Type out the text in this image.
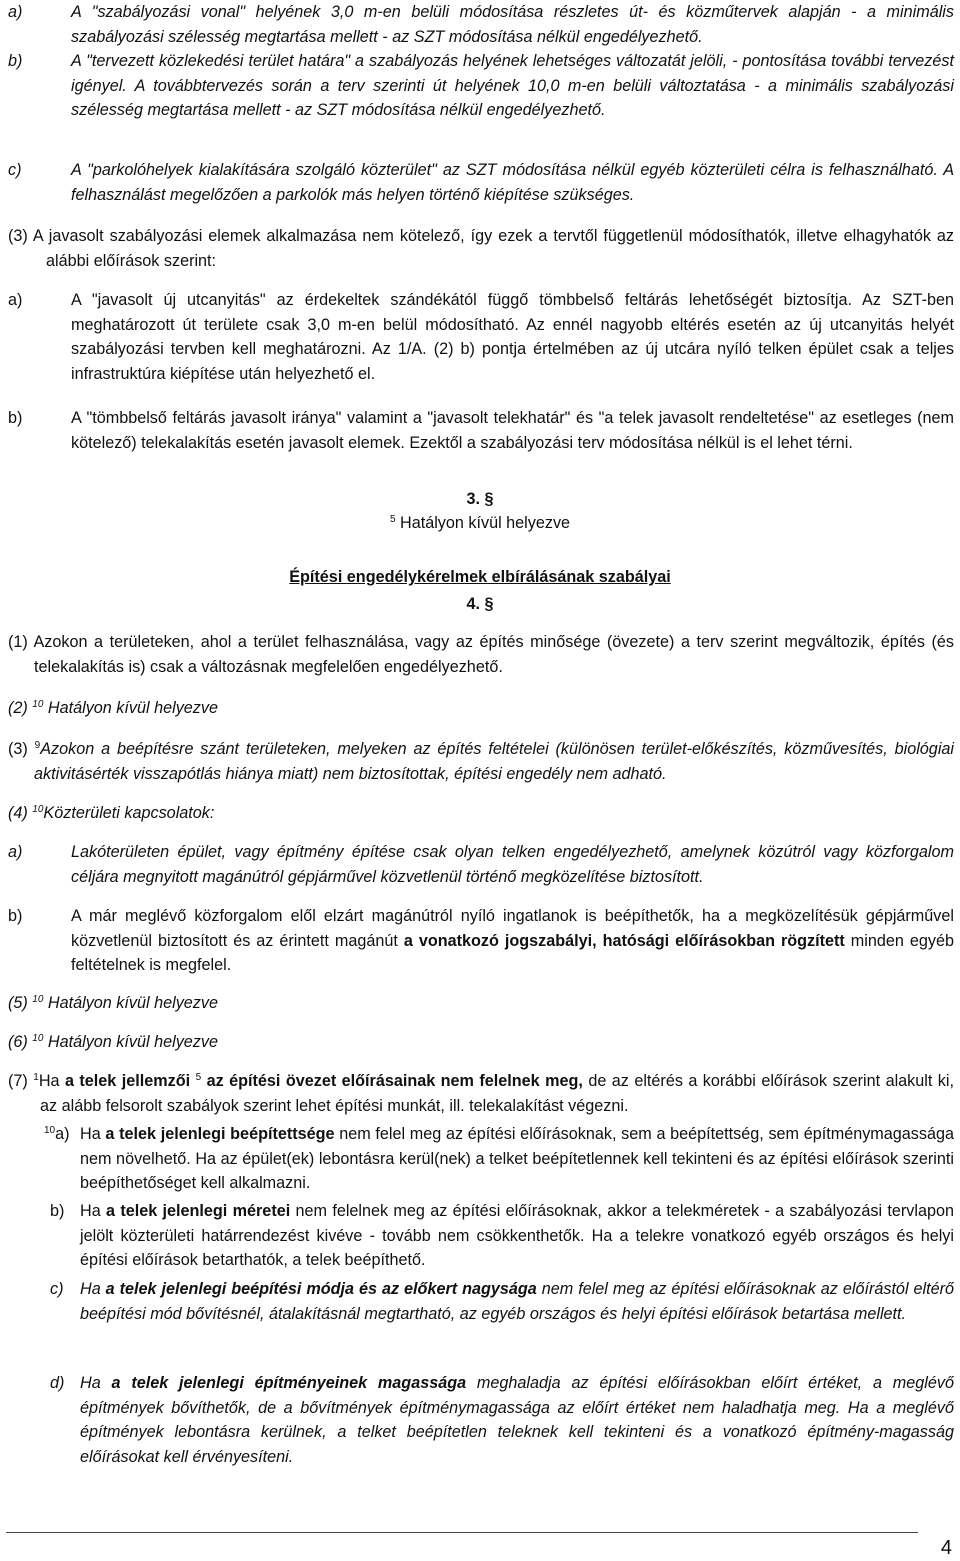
a)	A "szabályozási vonal" helyének 3,0 m-en belüli módosítása részletes út- és közműtervek alapján - a minimális szabályozási szélesség megtartása mellett - az SZT módosítása nélkül engedélyezhető.
b)	A "tervezett közlekedési terület határa" a szabályozás helyének lehetséges változatát jelöli, - pontosítása további tervezést igényel. A továbbtervezés során a terv szerinti út helyének 10,0 m-en belüli változtatása - a minimális szabályozási szélesség megtartása mellett - az SZT módosítása nélkül engedélyezhető.
c)	A "parkolóhelyek kialakítására szolgáló közterület" az SZT módosítása nélkül egyéb közterületi célra is felhasználható. A felhasználást megelőzően a parkolók más helyen történő kiépítése szükséges.

(3) A javasolt szabályozási elemek alkalmazása nem kötelező, így ezek a tervtől függetlenül módosíthatók, illetve elhagyhatók az alábbi előírások szerint:

a)	A "javasolt új utcanyitás" az érdekeltek szándékától függő tömbbelső feltárás lehetőségét biztosítja. Az SZT-ben meghatározott út területe csak 3,0 m-en belül módosítható. Az ennél nagyobb eltérés esetén az új utcanyitás helyét szabályozási tervben kell meghatározni. Az 1/A. (2) b) pontja értelmében az új utcára nyíló telken épület csak a teljes infrastruktúra kiépítése után helyezhető el.
b)	A "tömbbelső feltárás javasolt iránya" valamint a "javasolt telekhatár" és "a telek javasolt rendeltetése" az esetleges (nem kötelező) telekalakítás esetén javasolt elemek. Ezektől a szabályozási terv módosítása nélkül is el lehet térni.
3. §
$^5$ Hatályon kívül helyezve
Építési engedélykérelmek elbírálásának szabályai
4. §

(1) Azokon a területeken, ahol a terület felhasználása, vagy az építés minősége (övezete) a terv szerint megváltozik, építés (és telekalakítás is) csak a változásnak megfelelően engedélyezhető.

(2) $^{10}$ Hatályon kívül helyezve

(3) $^9$Azokon a beépítésre szánt területeken, melyeken az építés feltételei (különösen terület-előkészítés, közművesítés, biológiai aktivitásérték visszapótlás hiánya miatt) nem biztosítottak, építési engedély nem adható.

(4) $^{10}$Közterületi kapcsolatok:
a)	Lakóterületen épület, vagy építmény építése csak olyan telken engedélyezhető, amelynek közútról vagy közforgalom céljára megnyitott magánútról gépjárművel közvetlenül történő megközelítése biztosított.
b)	A már meglévő közforgalom elől elzárt magánútról nyíló ingatlanok is beépíthetők, ha a megközelítésük gépjárművel közvetlenül biztosított és az érintett magánút a vonatkozó jogszabályi, hatósági előírásokban rögzített minden egyéb feltételnek is megfelel.
(5) $^{10}$ Hatályon kívül helyezve
(6) $^{10}$ Hatályon kívül helyezve

(7) $^1$Ha a telek jellemzői $^5$ az építési övezet előírásainak nem felelnek meg, de az eltérés a korábbi előírások szerint alakult ki, az alább felsorolt szabályok szerint lehet építési munkát, ill. telekalakítást végezni.

$^{10}$a) Ha a telek jelenlegi beépítettsége nem felel meg az építési előírásoknak, sem a beépítettség, sem építménymagassága nem növelhető. Ha az épület(ek) lebontásra kerül(nek) a telket beépítetlennek kell tekinteni és az építési előírások szerinti beépíthetőséget kell alkalmazni.
b) Ha a telek jelenlegi méretei nem felelnek meg az építési előírásoknak, akkor a telekméretek - a szabályozási tervlapon jelölt közterületi határrendezést kivéve - tovább nem csökkenthetők. Ha a telekre vonatkozó egyéb országos és helyi építési előírások betarthatók, a telek beépíthető.
c)	Ha a telek jelenlegi beépítési módja és az előkert nagysága nem felel meg az építési előírásoknak az előírástól eltérő beépítési mód bővítésnél, átalakításnál megtartható, az egyéb országos és helyi építési előírások betartása mellett.
d) Ha a telek jelenlegi építményeinek magassága meghaladja az építési előírásokban előírt értéket, a meglévő építmények bővíthetők, de a bővítmények építménymagassága az előírt értéket nem haladhatja meg. Ha a meglévő építmények lebontásra kerülnek, a telket beépítetlen teleknek kell tekinteni és a vonatkozó építmény-magasság előírásokat kell érvényesíteni.
4
